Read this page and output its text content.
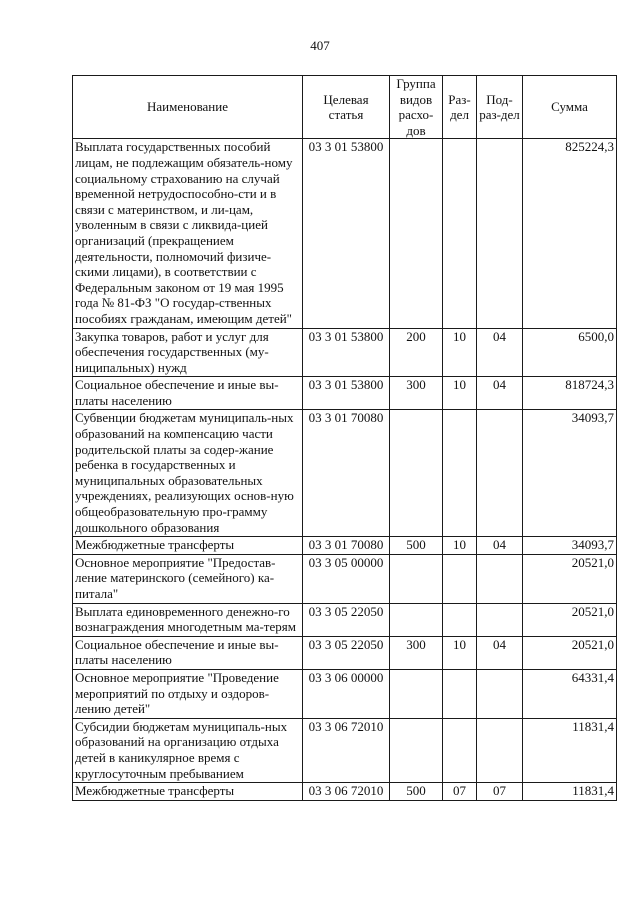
407
Наименование	Целевая статья	Группа видов расхо-дов	Раз-дел	Под-раз-дел	Сумма
Выплата государственных пособий лицам, не подлежащим обязатель-ному социальному страхованию на случай временной нетрудоспособно-сти и в связи с материнством, и ли-цам, уволенным в связи с ликвида-цией организаций (прекращением деятельности, полномочий физиче-скими лицами), в соответствии с Федеральным законом от 19 мая 1995 года № 81-ФЗ "О государ-ственных пособиях гражданам, имеющим детей"	03 3 01 53800				825224,3
Закупка товаров, работ и услуг для обеспечения государственных (му-ниципальных) нужд	03 3 01 53800	200	10	04	6500,0
Социальное обеспечение и иные вы-платы населению	03 3 01 53800	300	10	04	818724,3
Субвенции бюджетам муниципаль-ных образований на компенсацию части родительской платы за содер-жание ребенка в государственных и муниципальных образовательных учреждениях, реализующих основ-ную общеобразовательную про-грамму дошкольного образования	03 3 01 70080				34093,7
Межбюджетные трансферты	03 3 01 70080	500	10	04	34093,7
Основное мероприятие "Предостав-ление материнского (семейного) ка-питала"	03 3 05 00000				20521,0
Выплата единовременного денежно-го вознаграждения многодетным ма-терям	03 3 05 22050				20521,0
Социальное обеспечение и иные вы-платы населению	03 3 05 22050	300	10	04	20521,0
Основное мероприятие "Проведение мероприятий по отдыху и оздоров-лению детей"	03 3 06 00000				64331,4
Субсидии бюджетам муниципаль-ных образований на организацию отдыха детей в каникулярное время с круглосуточным пребыванием	03 3 06 72010				11831,4
Межбюджетные трансферты	03 3 06 72010	500	07	07	11831,4
